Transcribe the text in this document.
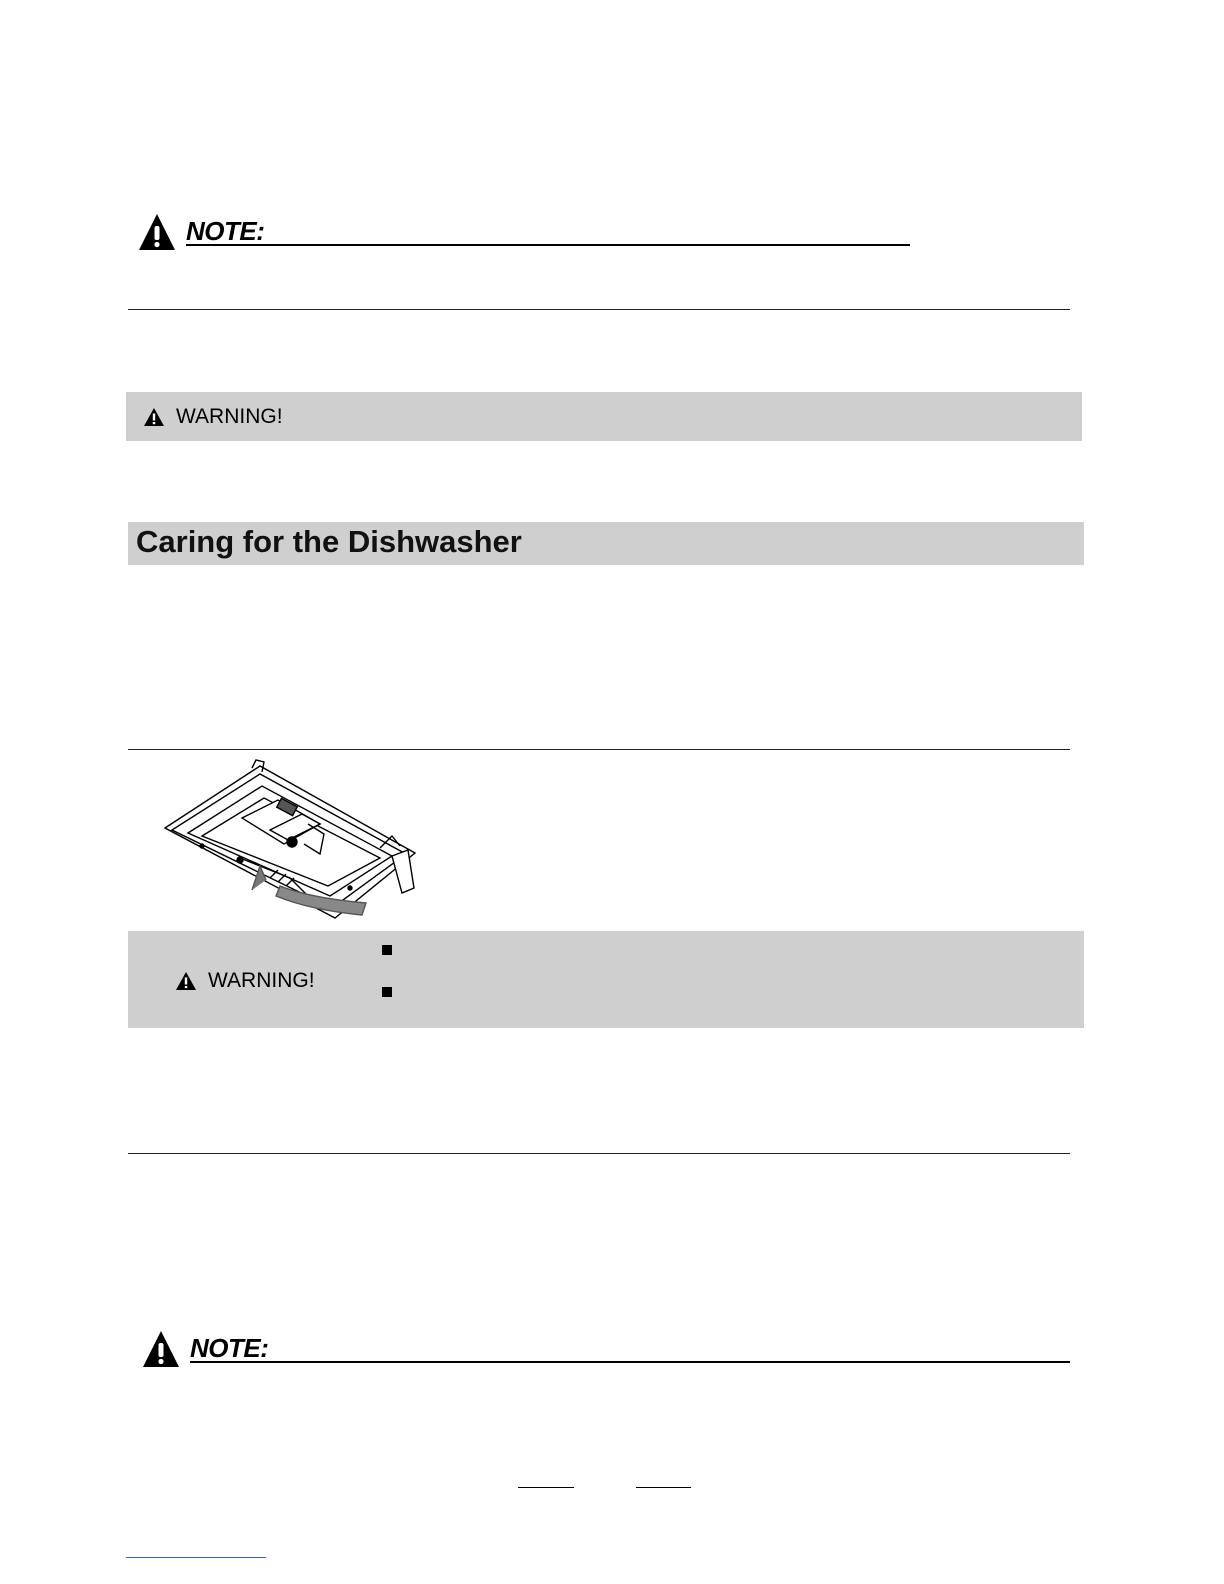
NOTE:
WARNING!
Caring for the Dishwasher
WARNING!
NOTE:
